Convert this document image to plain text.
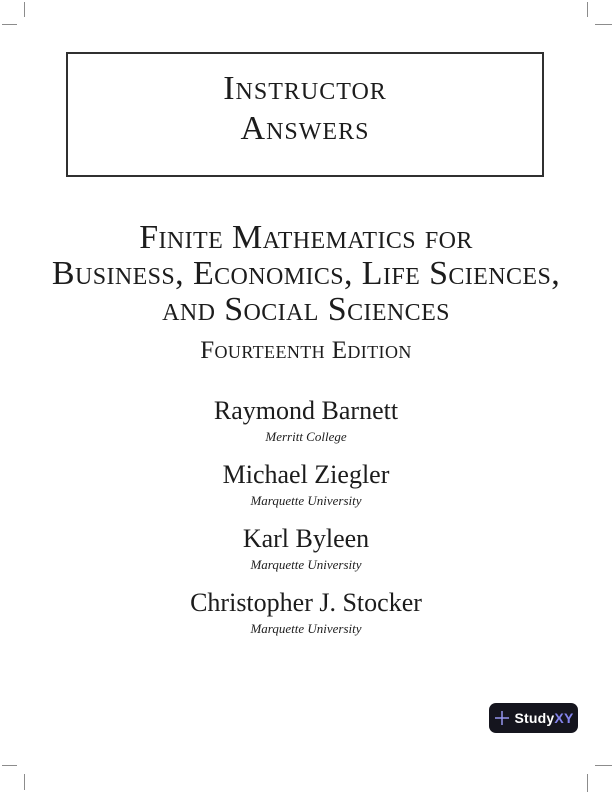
Instructor
Answers
Finite Mathematics for
Business, Economics, Life Sciences,
and Social Sciences
Fourteenth Edition
Raymond Barnett
Merritt College
Michael Ziegler
Marquette University
Karl Byleen
Marquette University
Christopher J. Stocker
Marquette University
StudyXY
